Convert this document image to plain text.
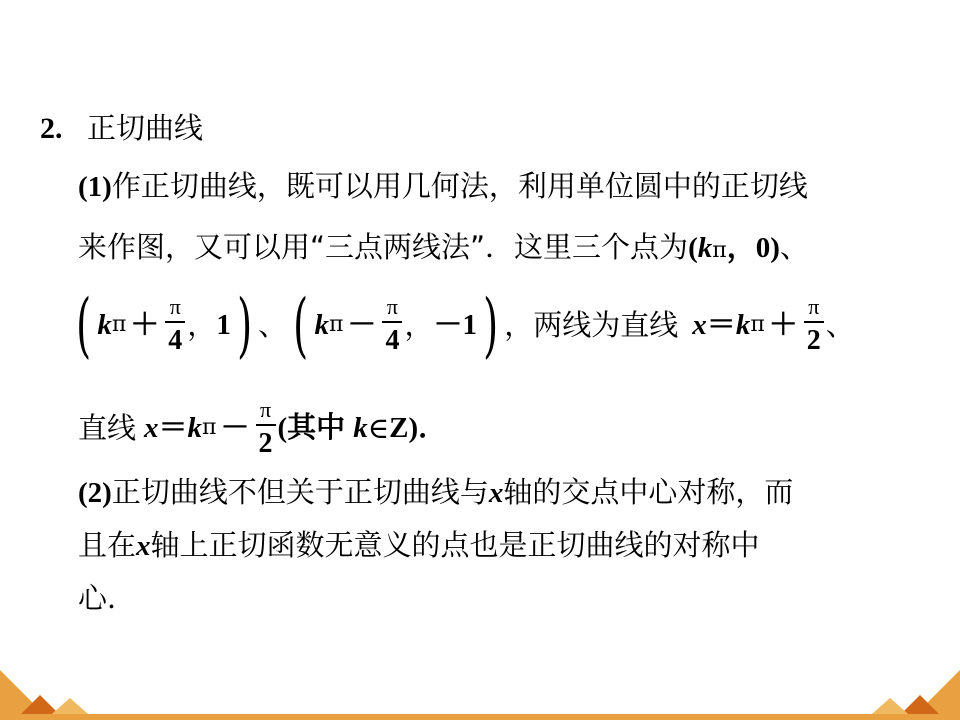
2. 正切曲线
(1)作正切曲线，既可以用几何法，利用单位圆中的正切线
来作图，又可以用“三点两线法”．这里三个点为(kπ，0)、
( $k\pi + \frac{\pi}{4}$ ，1) 、( $k\pi - \frac{\pi}{4}$ ，－1) ，两线为直线 $x=k\pi + \frac{\pi}{2}$ 、
直线 $x=k\pi - \frac{\pi}{2}$ (其中 k∈Z)．
(2)正切曲线不但关于正切曲线与x轴的交点中心对称，而
且在x轴上正切函数无意义的点也是正切曲线的对称中
心．
